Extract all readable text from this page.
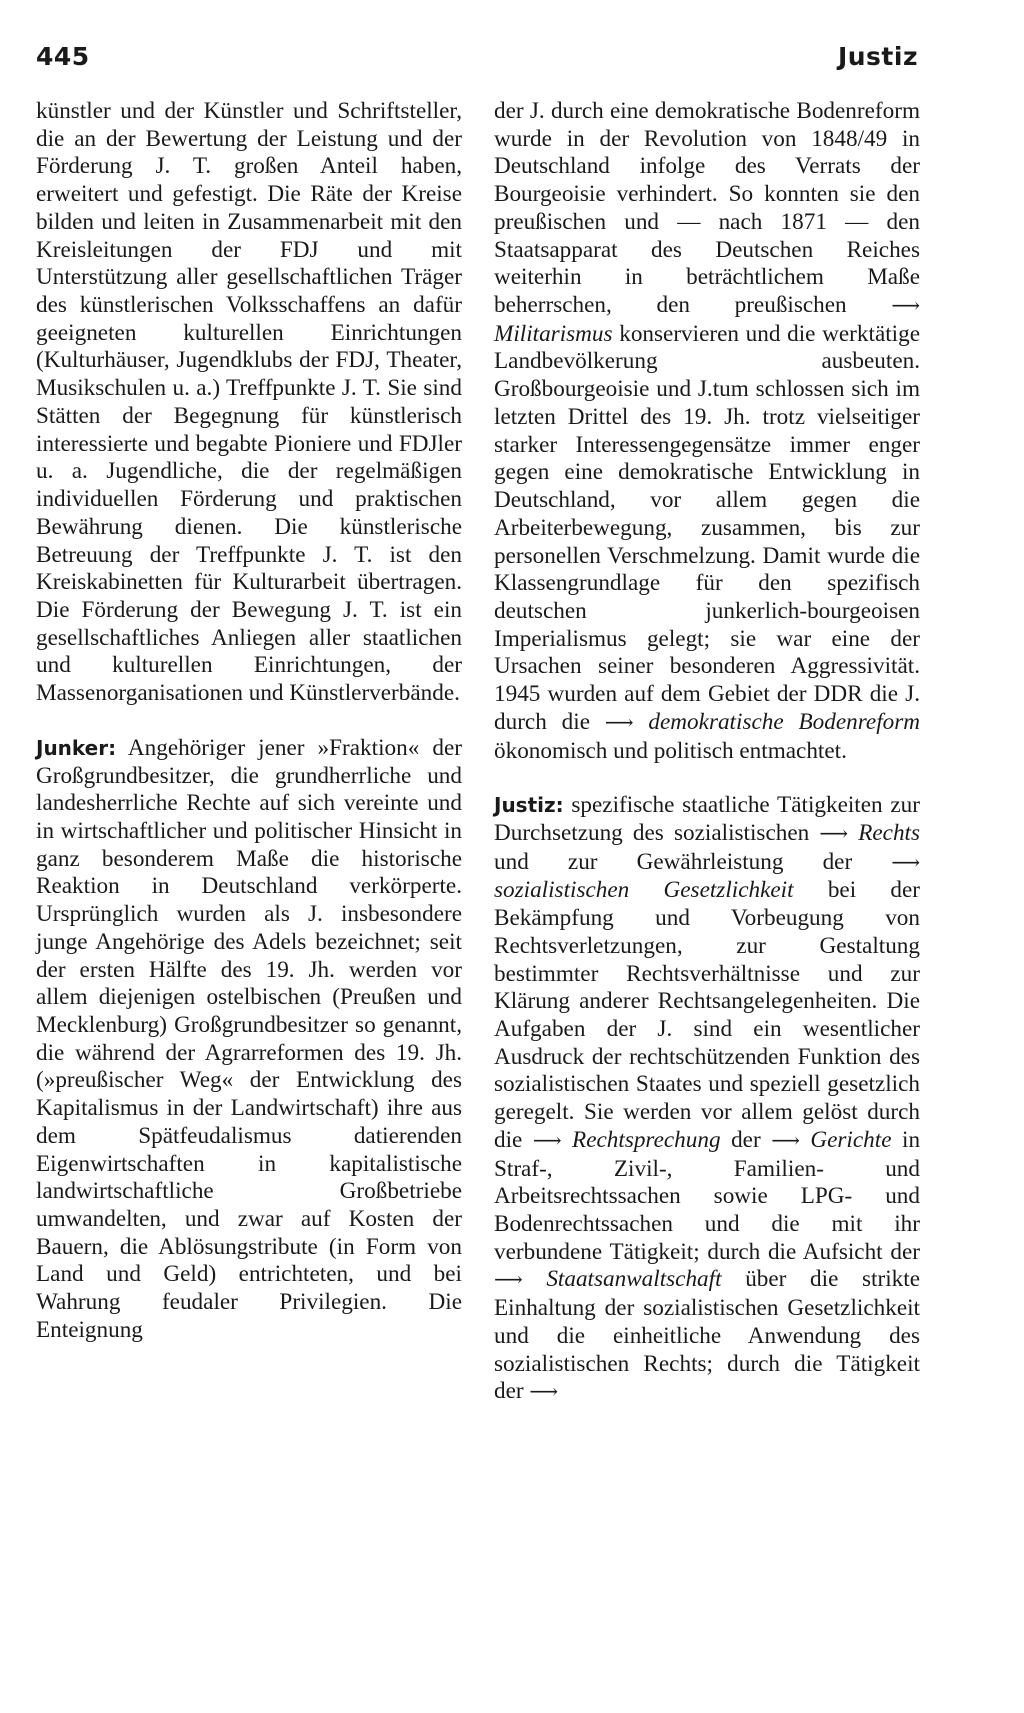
445	Justiz

künstler und der Künstler und Schriftsteller, die an der Bewertung der Leistung und der Förderung J. T. großen Anteil haben, erweitert und gefestigt. Die Räte der Kreise bilden und leiten in Zusammenarbeit mit den Kreisleitungen der FDJ und mit Unterstützung aller gesellschaftlichen Träger des künstlerischen Volksschaffens an dafür geeigneten kulturellen Einrichtungen (Kulturhäuser, Jugendklubs der FDJ, Theater, Musikschulen u. a.) Treffpunkte J. T. Sie sind Stätten der Begegnung für künstlerisch interessierte und begabte Pioniere und FDJler u. a. Jugendliche, die der regelmäßigen individuellen Förderung und praktischen Bewährung dienen. Die künstlerische Betreuung der Treffpunkte J. T. ist den Kreiskabinetten für Kulturarbeit übertragen. Die Förderung der Bewegung J. T. ist ein gesellschaftliches Anliegen aller staatlichen und kulturellen Einrichtungen, der Massenorganisationen und Künstlerverbände.

Junker: Angehöriger jener »Fraktion« der Großgrundbesitzer, die grundherrliche und landesherrliche Rechte auf sich vereinte und in wirtschaftlicher und politischer Hinsicht in ganz besonderem Maße die historische Reaktion in Deutschland verkörperte. Ursprünglich wurden als J. insbesondere junge Angehörige des Adels bezeichnet; seit der ersten Hälfte des 19. Jh. werden vor allem diejenigen ostelbischen (Preußen und Mecklenburg) Großgrundbesitzer so genannt, die während der Agrarreformen des 19. Jh. (»preußischer Weg« der Entwicklung des Kapitalismus in der Landwirtschaft) ihre aus dem Spätfeudalismus datierenden Eigenwirtschaften in kapitalistische landwirtschaftliche Großbetriebe umwandelten, und zwar auf Kosten der Bauern, die Ablösungstribute (in Form von Land und Geld) entrichteten, und bei Wahrung feudaler Privilegien. Die Enteignung

der J. durch eine demokratische Bodenreform wurde in der Revolution von 1848/49 in Deutschland infolge des Verrats der Bourgeoisie verhindert. So konnten sie den preußischen und — nach 1871 — den Staatsapparat des Deutschen Reiches weiterhin in beträchtlichem Maße beherrschen, den preußischen ⟶ Militarismus konservieren und die werktätige Landbevölkerung ausbeuten. Großbourgeoisie und J.tum schlossen sich im letzten Drittel des 19. Jh. trotz vielseitiger starker Interessengegensätze immer enger gegen eine demokratische Entwicklung in Deutschland, vor allem gegen die Arbeiterbewegung, zusammen, bis zur personellen Verschmelzung. Damit wurde die Klassengrundlage für den spezifisch deutschen junkerlich-bourgeoisen Imperialismus gelegt; sie war eine der Ursachen seiner besonderen Aggressivität. 1945 wurden auf dem Gebiet der DDR die J. durch die ⟶ demokratische Bodenreform ökonomisch und politisch entmachtet.

Justiz: spezifische staatliche Tätigkeiten zur Durchsetzung des sozialistischen ⟶ Rechts und zur Gewährleistung der ⟶ sozialistischen Gesetzlichkeit bei der Bekämpfung und Vorbeugung von Rechtsverletzungen, zur Gestaltung bestimmter Rechtsverhältnisse und zur Klärung anderer Rechtsangelegenheiten. Die Aufgaben der J. sind ein wesentlicher Ausdruck der rechtschützenden Funktion des sozialistischen Staates und speziell gesetzlich geregelt. Sie werden vor allem gelöst durch die ⟶ Rechtsprechung der ⟶ Gerichte in Straf-, Zivil-, Familien- und Arbeitsrechtssachen sowie LPG- und Bodenrechtssachen und die mit ihr verbundene Tätigkeit; durch die Aufsicht der ⟶ Staatsanwaltschaft über die strikte Einhaltung der sozialistischen Gesetzlichkeit und die einheitliche Anwendung des sozialistischen Rechts; durch die Tätigkeit der ⟶
